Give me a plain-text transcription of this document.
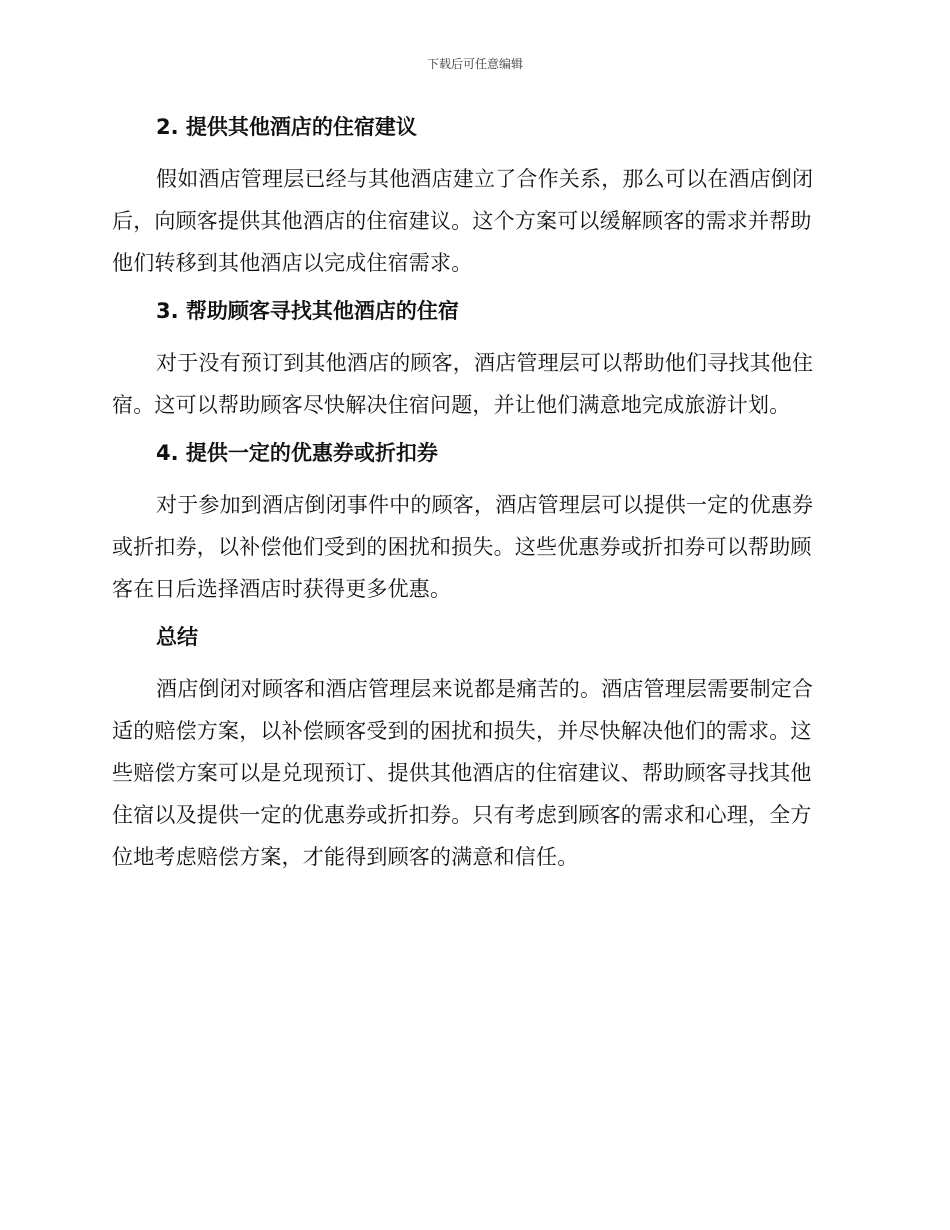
下载后可任意编辑
2. 提供其他酒店的住宿建议

假如酒店管理层已经与其他酒店建立了合作关系，那么可以在酒店倒闭后，向顾客提供其他酒店的住宿建议。这个方案可以缓解顾客的需求并帮助他们转移到其他酒店以完成住宿需求。

3. 帮助顾客寻找其他酒店的住宿

对于没有预订到其他酒店的顾客，酒店管理层可以帮助他们寻找其他住宿。这可以帮助顾客尽快解决住宿问题，并让他们满意地完成旅游计划。

4. 提供一定的优惠券或折扣券

对于参加到酒店倒闭事件中的顾客，酒店管理层可以提供一定的优惠券或折扣券，以补偿他们受到的困扰和损失。这些优惠券或折扣券可以帮助顾客在日后选择酒店时获得更多优惠。

总结

酒店倒闭对顾客和酒店管理层来说都是痛苦的。酒店管理层需要制定合适的赔偿方案，以补偿顾客受到的困扰和损失，并尽快解决他们的需求。这些赔偿方案可以是兑现预订、提供其他酒店的住宿建议、帮助顾客寻找其他住宿以及提供一定的优惠券或折扣券。只有考虑到顾客的需求和心理，全方位地考虑赔偿方案，才能得到顾客的满意和信任。
